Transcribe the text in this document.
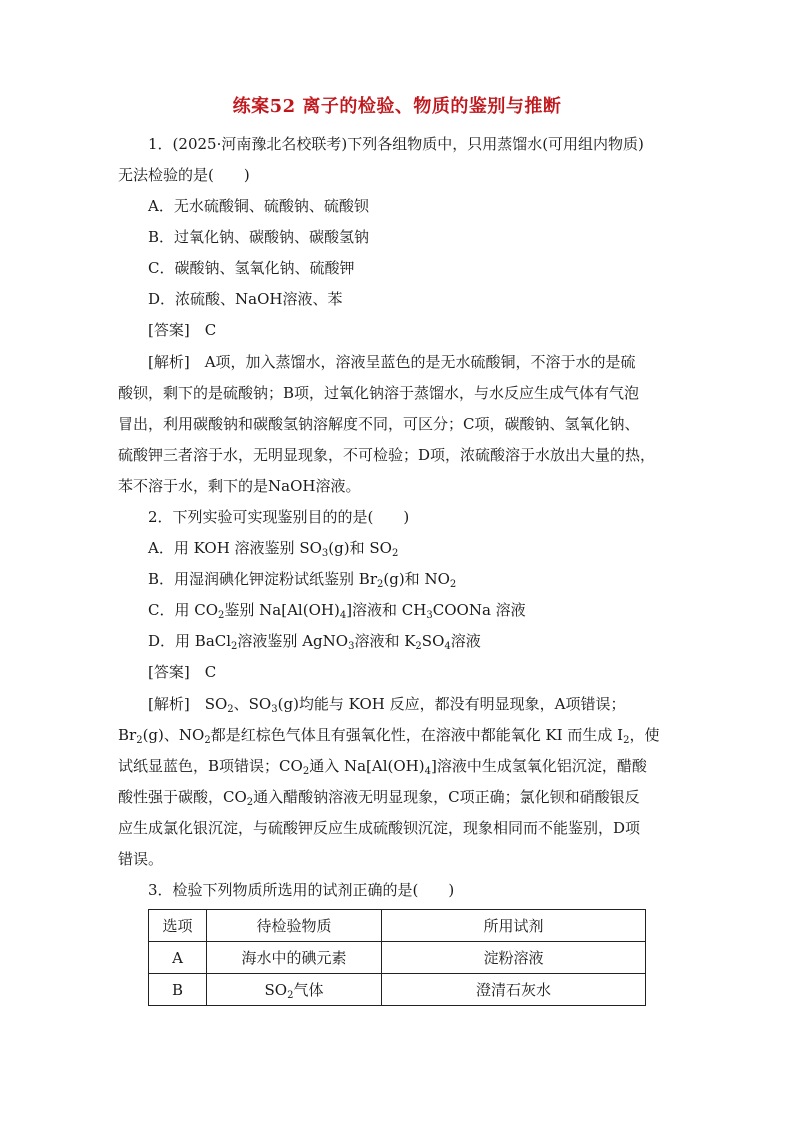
练案52 离子的检验、物质的鉴别与推断
1．(2025·河南豫北名校联考)下列各组物质中，只用蒸馏水(可用组内物质)
无法检验的是(　　)
A．无水硫酸铜、硫酸钠、硫酸钡
B．过氧化钠、碳酸钠、碳酸氢钠
C．碳酸钠、氢氧化钠、硫酸钾
D．浓硫酸、NaOH溶液、苯
[答案]　C
[解析]　A项，加入蒸馏水，溶液呈蓝色的是无水硫酸铜，不溶于水的是硫
酸钡，剩下的是硫酸钠；B项，过氧化钠溶于蒸馏水，与水反应生成气体有气泡
冒出，利用碳酸钠和碳酸氢钠溶解度不同，可区分；C项，碳酸钠、氢氧化钠、
硫酸钾三者溶于水，无明显现象，不可检验；D项，浓硫酸溶于水放出大量的热，
苯不溶于水，剩下的是NaOH溶液。
2．下列实验可实现鉴别目的的是(　　)
A．用 KOH 溶液鉴别 $SO_3(g)$和 $SO_2$
B．用湿润碘化钾淀粉试纸鉴别 $Br_2(g)$和 $NO_2$
C．用 $CO_2$鉴别 $Na[Al(OH)_4]$溶液和 $CH_3COONa$ 溶液
D．用 BaCl$_2$溶液鉴别 AgNO$_3$溶液和 $K_2SO_4$溶液
[答案]　C
[解析]　$SO_2$、$SO_3(g)$均能与 KOH 反应，都没有明显现象，A项错误；
$Br_2(g)$、$NO_2$都是红棕色气体且有强氧化性，在溶液中都能氧化 KI 而生成 $I_2$，使
试纸显蓝色，B项错误；$CO_2$通入 $Na[Al(OH)_4]$溶液中生成氢氧化铝沉淀，醋酸
酸性强于碳酸，$CO_2$通入醋酸钠溶液无明显现象，C项正确；氯化钡和硝酸银反
应生成氯化银沉淀，与硫酸钾反应生成硫酸钡沉淀，现象相同而不能鉴别，D项
错误。
3．检验下列物质所选用的试剂正确的是(　　)
选项	待检验物质	所用试剂
A	海水中的碘元素	淀粉溶液
B	$SO_2$气体	澄清石灰水
